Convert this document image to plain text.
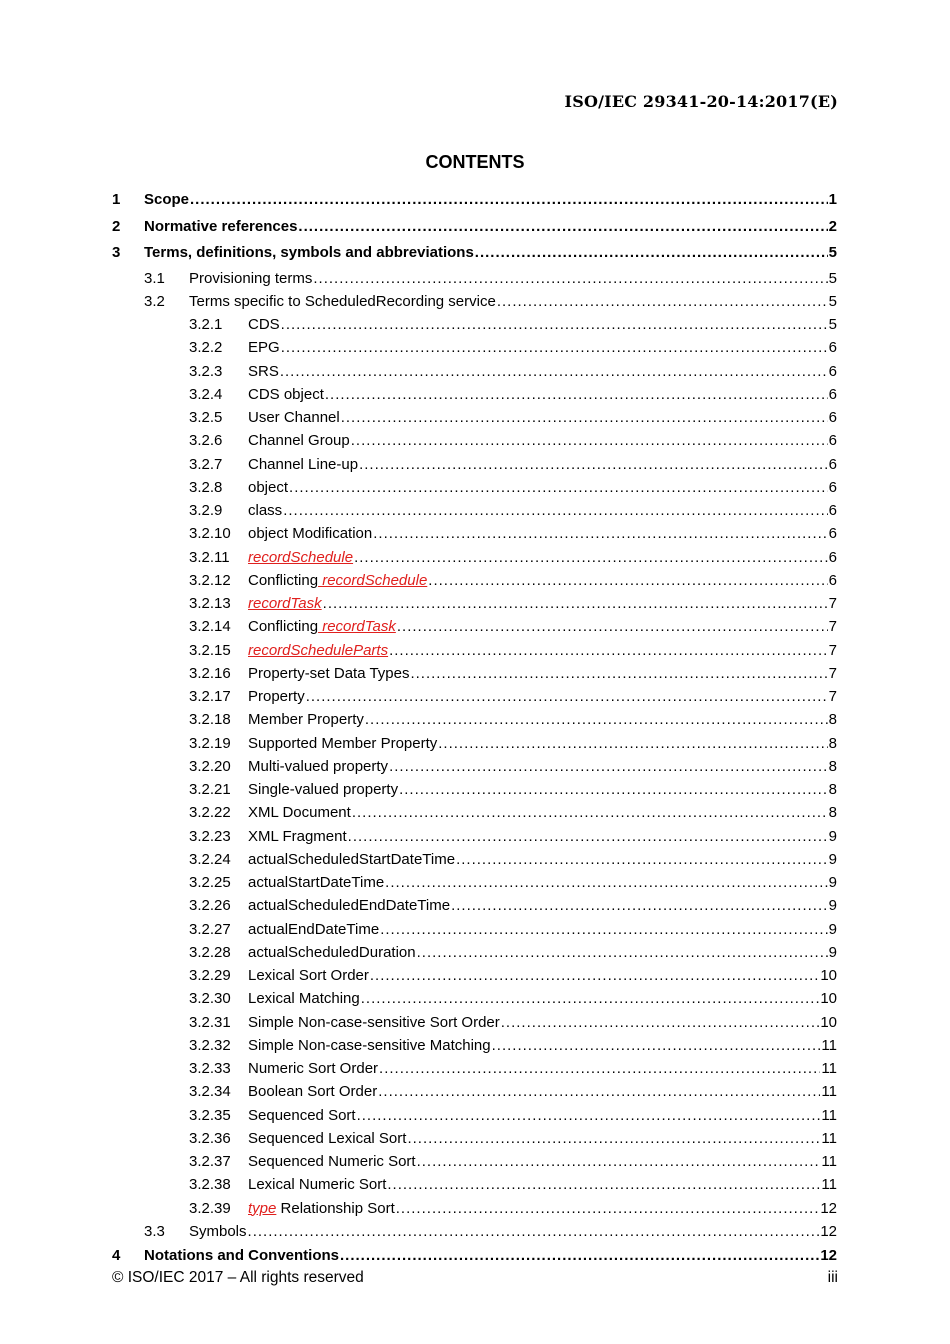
ISO/IEC 29341-20-14:2017(E)
CONTENTS
1	Scope .....	1
2	Normative references .....	2
3	Terms, definitions, symbols and abbreviations .....	5
3.1	Provisioning terms .....	5
3.2	Terms specific to ScheduledRecording service .....	5
3.2.1	CDS .....	5
3.2.2	EPG .....	6
3.2.3	SRS .....	6
3.2.4	CDS object .....	6
3.2.5	User Channel .....	6
3.2.6	Channel Group .....	6
3.2.7	Channel Line-up .....	6
3.2.8	object .....	6
3.2.9	class .....	6
3.2.10	object Modification .....	6
3.2.11	recordSchedule .....	6
3.2.12	Conflicting recordSchedule .....	6
3.2.13	recordTask .....	7
3.2.14	Conflicting recordTask .....	7
3.2.15	recordScheduleParts .....	7
3.2.16	Property-set Data Types .....	7
3.2.17	Property .....	7
3.2.18	Member Property .....	8
3.2.19	Supported Member Property .....	8
3.2.20	Multi-valued property .....	8
3.2.21	Single-valued property .....	8
3.2.22	XML Document .....	8
3.2.23	XML Fragment .....	9
3.2.24	actualScheduledStartDateTime .....	9
3.2.25	actualStartDateTime .....	9
3.2.26	actualScheduledEndDateTime .....	9
3.2.27	actualEndDateTime .....	9
3.2.28	actualScheduledDuration .....	9
3.2.29	Lexical Sort Order .....	10
3.2.30	Lexical Matching .....	10
3.2.31	Simple Non-case-sensitive Sort Order .....	10
3.2.32	Simple Non-case-sensitive Matching .....	11
3.2.33	Numeric Sort Order .....	11
3.2.34	Boolean Sort Order .....	11
3.2.35	Sequenced Sort .....	11
3.2.36	Sequenced Lexical Sort .....	11
3.2.37	Sequenced Numeric Sort .....	11
3.2.38	Lexical Numeric Sort .....	11
3.2.39	type Relationship Sort .....	12
3.3	Symbols .....	12
4	Notations and Conventions .....	12
© ISO/IEC 2017 – All rights reserved	iii
